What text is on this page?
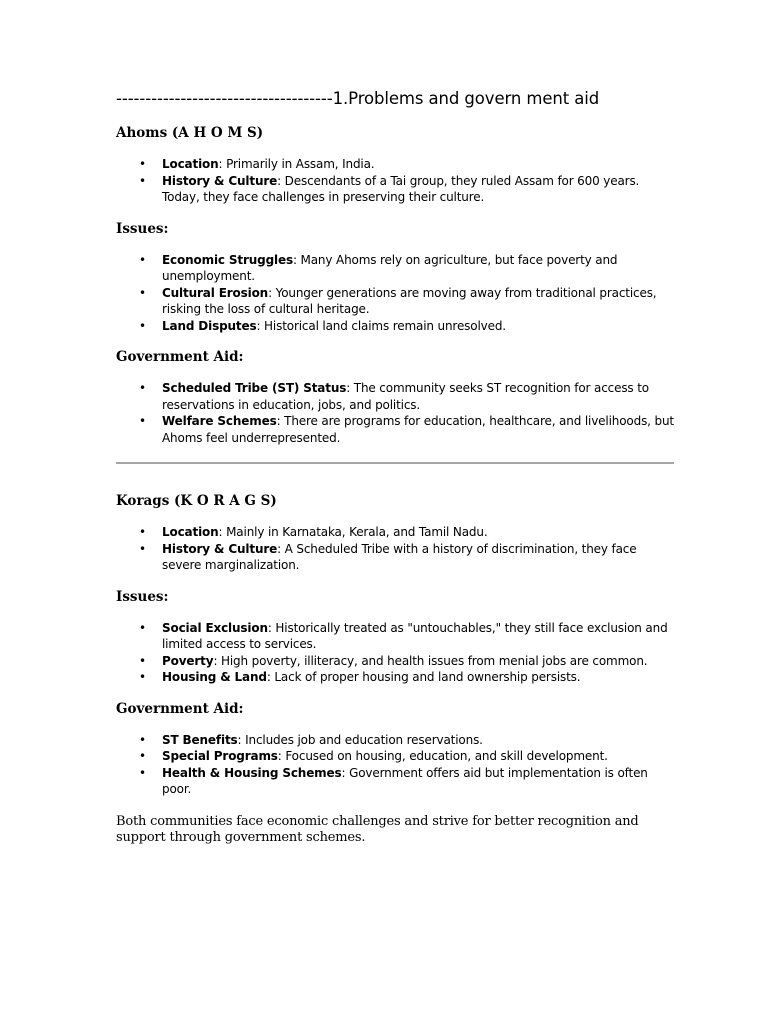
-------------------------------------1.Problems and govern ment aid
Ahoms (A H O M S)
• Location: Primarily in Assam, India.
• History & Culture: Descendants of a Tai group, they ruled Assam for 600 years. Today, they face challenges in preserving their culture.
Issues:
• Economic Struggles: Many Ahoms rely on agriculture, but face poverty and unemployment.
• Cultural Erosion: Younger generations are moving away from traditional practices, risking the loss of cultural heritage.
• Land Disputes: Historical land claims remain unresolved.
Government Aid:
• Scheduled Tribe (ST) Status: The community seeks ST recognition for access to reservations in education, jobs, and politics.
• Welfare Schemes: There are programs for education, healthcare, and livelihoods, but Ahoms feel underrepresented.
Korags (K O R A G S)
• Location: Mainly in Karnataka, Kerala, and Tamil Nadu.
• History & Culture: A Scheduled Tribe with a history of discrimination, they face severe marginalization.
Issues:
• Social Exclusion: Historically treated as "untouchables," they still face exclusion and limited access to services.
• Poverty: High poverty, illiteracy, and health issues from menial jobs are common.
• Housing & Land: Lack of proper housing and land ownership persists.
Government Aid:
• ST Benefits: Includes job and education reservations.
• Special Programs: Focused on housing, education, and skill development.
• Health & Housing Schemes: Government offers aid but implementation is often poor.

Both communities face economic challenges and strive for better recognition and support through government schemes.
